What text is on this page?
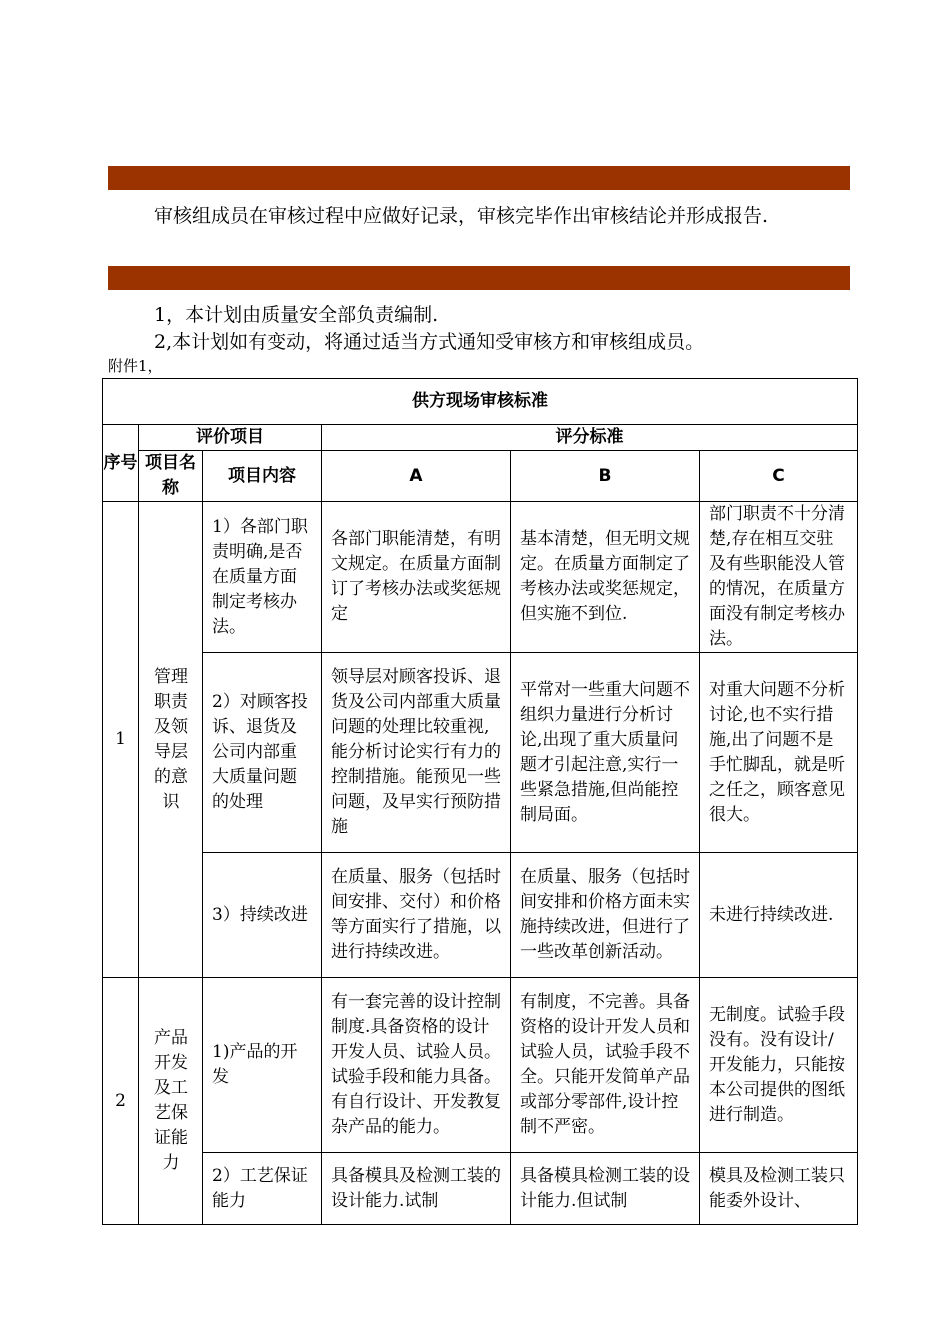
审核组成员在审核过程中应做好记录，审核完毕作出审核结论并形成报告.
1，本计划由质量安全部负责编制.
2,本计划如有变动，将通过适当方式通知受审核方和审核组成员。
附件1，
供方现场审核标准					
序号	评价项目		评分标准		
	项目名称	项目内容	A	B	C
1	管理职责及领导层的意识	1）各部门职责明确,是否在质量方面制定考核办法。	各部门职能清楚，有明文规定。在质量方面制订了考核办法或奖惩规定	基本清楚，但无明文规定。在质量方面制定了考核办法或奖惩规定，但实施不到位.	部门职责不十分清楚,存在相互交驻及有些职能没人管的情况，在质量方面没有制定考核办法。
		2）对顾客投诉、退货及公司内部重大质量问题的处理	领导层对顾客投诉、退货及公司内部重大质量问题的处理比较重视,能分析讨论实行有力的控制措施。能预见一些问题，及早实行预防措施	平常对一些重大问题不组织力量进行分析讨论,出现了重大质量问题才引起注意,实行一些紧急措施,但尚能控制局面。	对重大问题不分析讨论,也不实行措施,出了问题不是手忙脚乱，就是听之任之，顾客意见很大。
		3）持续改进	在质量、服务（包括时间安排、交付）和价格等方面实行了措施，以进行持续改进。	在质量、服务（包括时间安排和价格方面未实施持续改进，但进行了一些改革创新活动。	未进行持续改进.
2	产品开发及工艺保证能力	1)产品的开发	有一套完善的设计控制制度.具备资格的设计开发人员、试验人员。试验手段和能力具备。有自行设计、开发教复杂产品的能力。	有制度，不完善。具备资格的设计开发人员和试验人员，试验手段不全。只能开发简单产品或部分零部件,设计控制不严密。	无制度。试验手段没有。没有设计/开发能力，只能按本公司提供的图纸进行制造。
		2）工艺保证能力	具备模具及检测工装的设计能力.试制	具备模具检测工装的设计能力.但试制	模具及检测工装只能委外设计、
